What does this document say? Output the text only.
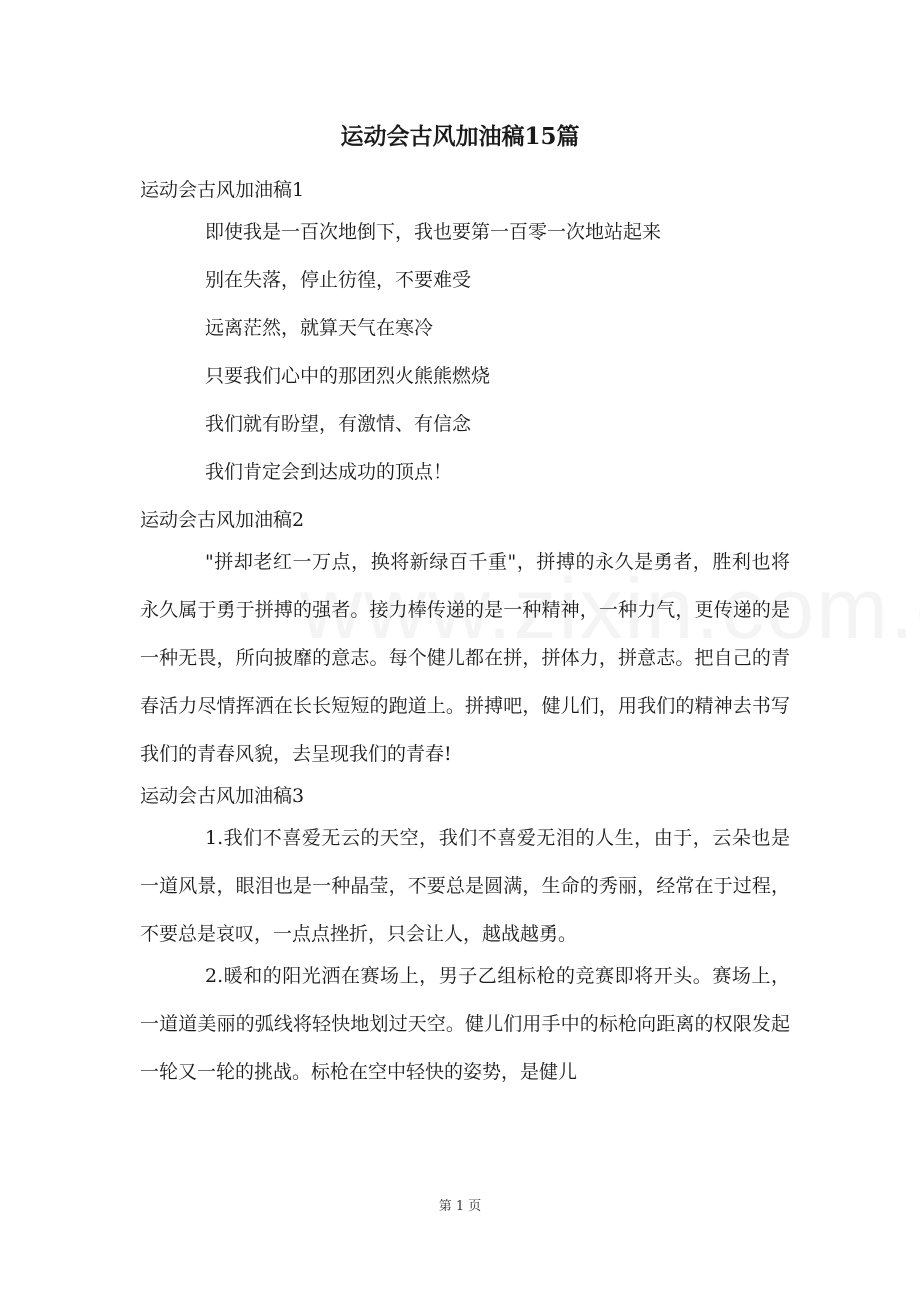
运动会古风加油稿15篇

运动会古风加油稿1

即使我是一百次地倒下，我也要第一百零一次地站起来

别在失落，停止彷徨，不要难受

远离茫然，就算天气在寒冷

只要我们心中的那团烈火熊熊燃烧

我们就有盼望，有激情、有信念

我们肯定会到达成功的顶点！

运动会古风加油稿2

"拼却老红一万点，换将新绿百千重"，拼搏的永久是勇者，胜利也将永久属于勇于拼搏的强者。接力棒传递的是一种精神，一种力气，更传递的是一种无畏，所向披靡的意志。每个健儿都在拼，拼体力，拼意志。把自己的青春活力尽情挥洒在长长短短的跑道上。拼搏吧，健儿们，用我们的精神去书写我们的青春风貌，去呈现我们的青春!

运动会古风加油稿3

1.我们不喜爱无云的天空，我们不喜爱无泪的人生，由于，云朵也是一道风景，眼泪也是一种晶莹，不要总是圆满，生命的秀丽，经常在于过程，不要总是哀叹，一点点挫折，只会让人，越战越勇。

2.暖和的阳光洒在赛场上，男子乙组标枪的竞赛即将开头。赛场上，一道道美丽的弧线将轻快地划过天空。健儿们用手中的标枪向距离的权限发起一轮又一轮的挑战。标枪在空中轻快的姿势，是健儿

第 1 页
